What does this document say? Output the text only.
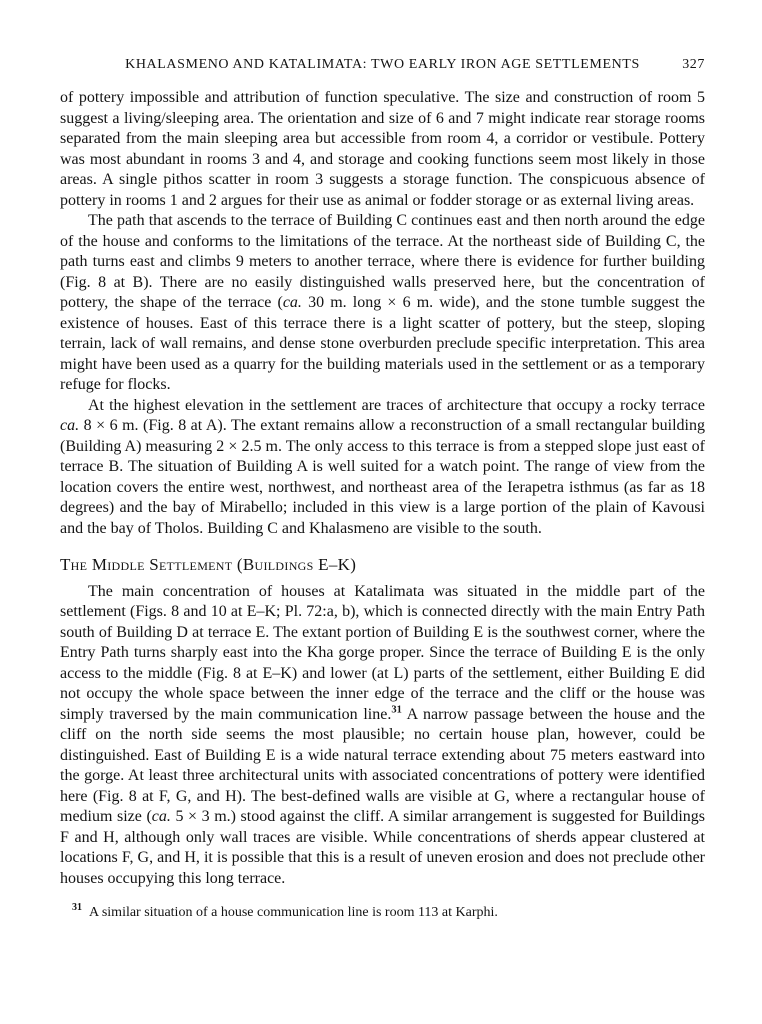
KHALASMENO AND KATALIMATA: TWO EARLY IRON AGE SETTLEMENTS	327

of pottery impossible and attribution of function speculative. The size and construction of room 5 suggest a living/sleeping area. The orientation and size of 6 and 7 might indicate rear storage rooms separated from the main sleeping area but accessible from room 4, a corridor or vestibule. Pottery was most abundant in rooms 3 and 4, and storage and cooking functions seem most likely in those areas. A single pithos scatter in room 3 suggests a storage function. The conspicuous absence of pottery in rooms 1 and 2 argues for their use as animal or fodder storage or as external living areas.

The path that ascends to the terrace of Building C continues east and then north around the edge of the house and conforms to the limitations of the terrace. At the northeast side of Building C, the path turns east and climbs 9 meters to another terrace, where there is evidence for further building (Fig. 8 at B). There are no easily distinguished walls preserved here, but the concentration of pottery, the shape of the terrace (ca. 30 m. long × 6 m. wide), and the stone tumble suggest the existence of houses. East of this terrace there is a light scatter of pottery, but the steep, sloping terrain, lack of wall remains, and dense stone overburden preclude specific interpretation. This area might have been used as a quarry for the building materials used in the settlement or as a temporary refuge for flocks.

At the highest elevation in the settlement are traces of architecture that occupy a rocky terrace ca. 8 × 6 m. (Fig. 8 at A). The extant remains allow a reconstruction of a small rectangular building (Building A) measuring 2 × 2.5 m. The only access to this terrace is from a stepped slope just east of terrace B. The situation of Building A is well suited for a watch point. The range of view from the location covers the entire west, northwest, and northeast area of the Ierapetra isthmus (as far as 18 degrees) and the bay of Mirabello; included in this view is a large portion of the plain of Kavousi and the bay of Tholos. Building C and Khalasmeno are visible to the south.

The Middle Settlement (Buildings E–K)

The main concentration of houses at Katalimata was situated in the middle part of the settlement (Figs. 8 and 10 at E–K; Pl. 72:a, b), which is connected directly with the main Entry Path south of Building D at terrace E. The extant portion of Building E is the southwest corner, where the Entry Path turns sharply east into the Kha gorge proper. Since the terrace of Building E is the only access to the middle (Fig. 8 at E–K) and lower (at L) parts of the settlement, either Building E did not occupy the whole space between the inner edge of the terrace and the cliff or the house was simply traversed by the main communication line.$^{31}$ A narrow passage between the house and the cliff on the north side seems the most plausible; no certain house plan, however, could be distinguished. East of Building E is a wide natural terrace extending about 75 meters eastward into the gorge. At least three architectural units with associated concentrations of pottery were identified here (Fig. 8 at F, G, and H). The best-defined walls are visible at G, where a rectangular house of medium size (ca. 5 × 3 m.) stood against the cliff. A similar arrangement is suggested for Buildings F and H, although only wall traces are visible. While concentrations of sherds appear clustered at locations F, G, and H, it is possible that this is a result of uneven erosion and does not preclude other houses occupying this long terrace.

$^{31}$ A similar situation of a house communication line is room 113 at Karphi.
